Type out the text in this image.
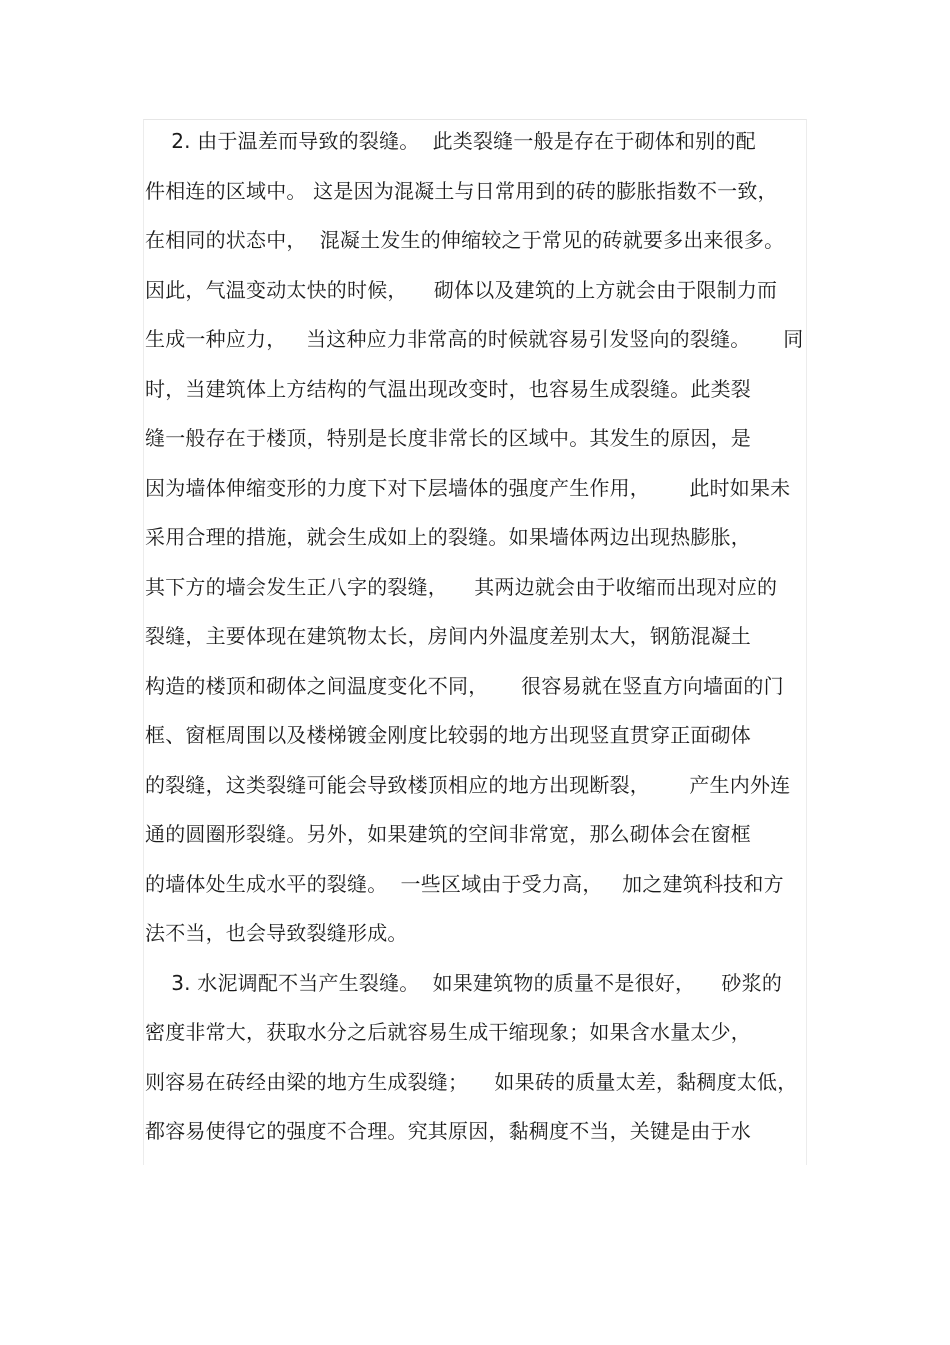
2. 由于温差而导致的裂缝。  此类裂缝一般是存在于砌体和别的配
件相连的区域中。 这是因为混凝土与日常用到的砖的膨胀指数不一致，
在相同的状态中，  混凝土发生的伸缩较之于常见的砖就要多出来很多。
因此，气温变动太快的时候，    砌体以及建筑的上方就会由于限制力而
生成一种应力，   当这种应力非常高的时候就容易引发竖向的裂缝。     同
时，当建筑体上方结构的气温出现改变时，也容易生成裂缝。此类裂
缝一般存在于楼顶，特别是长度非常长的区域中。其发生的原因，是
因为墙体伸缩变形的力度下对下层墙体的强度产生作用，      此时如果未
采用合理的措施，就会生成如上的裂缝。如果墙体两边出现热膨胀，
其下方的墙会发生正八字的裂缝，    其两边就会由于收缩而出现对应的
裂缝，主要体现在建筑物太长，房间内外温度差别太大，钢筋混凝土
构造的楼顶和砌体之间温度变化不同，     很容易就在竖直方向墙面的门
框、窗框周围以及楼梯镀金刚度比较弱的地方出现竖直贯穿正面砌体
的裂缝，这类裂缝可能会导致楼顶相应的地方出现断裂，      产生内外连
通的圆圈形裂缝。另外，如果建筑的空间非常宽，那么砌体会在窗框
的墙体处生成水平的裂缝。  一些区域由于受力高，   加之建筑科技和方
法不当，也会导致裂缝形成。
3. 水泥调配不当产生裂缝。  如果建筑物的质量不是很好，    砂浆的
密度非常大，获取水分之后就容易生成干缩现象；如果含水量太少，
则容易在砖经由梁的地方生成裂缝；    如果砖的质量太差，黏稠度太低，
都容易使得它的强度不合理。究其原因，黏稠度不当，关键是由于水
